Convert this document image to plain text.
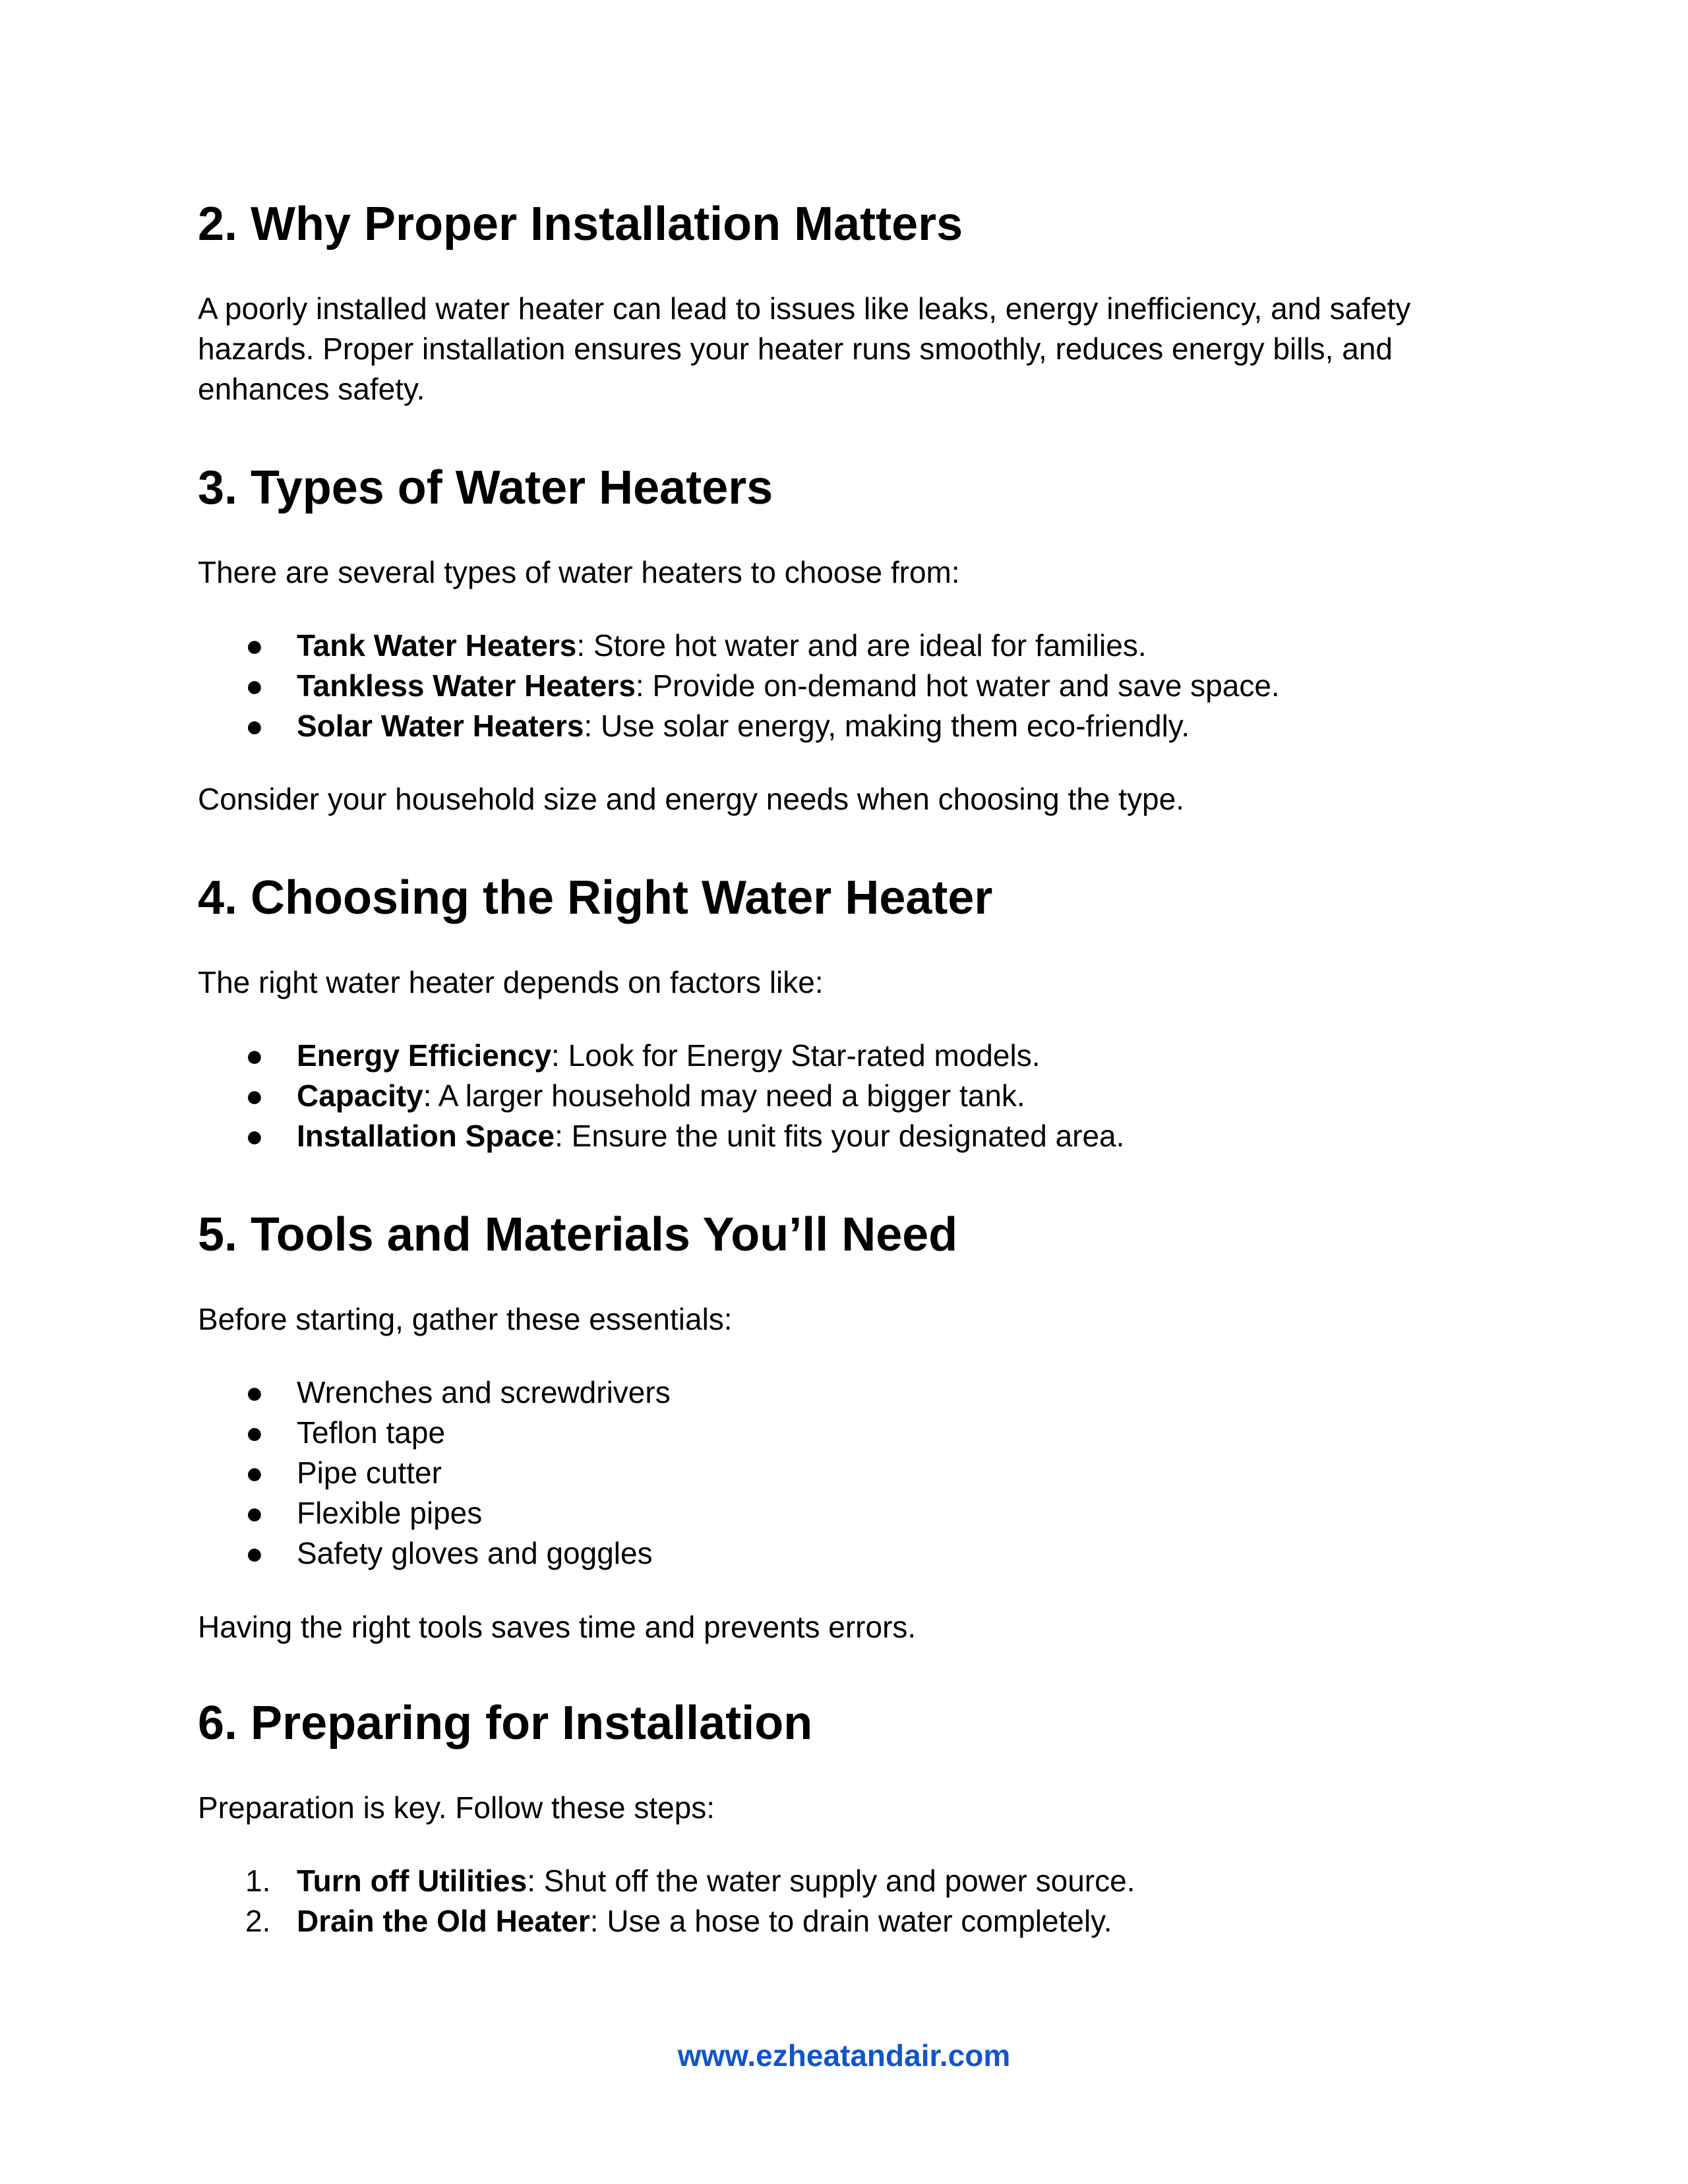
2. Why Proper Installation Matters

A poorly installed water heater can lead to issues like leaks, energy inefficiency, and safety

hazards. Proper installation ensures your heater runs smoothly, reduces energy bills, and

enhances safety.

3. Types of Water Heaters

There are several types of water heaters to choose from:

● Tank Water Heaters: Store hot water and are ideal for families.
● Tankless Water Heaters: Provide on-demand hot water and save space.
● Solar Water Heaters: Use solar energy, making them eco-friendly.

Consider your household size and energy needs when choosing the type.

4. Choosing the Right Water Heater

The right water heater depends on factors like:

● Energy Efficiency: Look for Energy Star-rated models.
● Capacity: A larger household may need a bigger tank.
● Installation Space: Ensure the unit fits your designated area.
5. Tools and Materials You’ll Need

Before starting, gather these essentials:

● Wrenches and screwdrivers
● Teflon tape
● Pipe cutter
● Flexible pipes
● Safety gloves and goggles

Having the right tools saves time and prevents errors.

6. Preparing for Installation

Preparation is key. Follow these steps:

1. Turn off Utilities: Shut off the water supply and power source.
2. Drain the Old Heater: Use a hose to drain water completely.
www.ezheatandair.com
